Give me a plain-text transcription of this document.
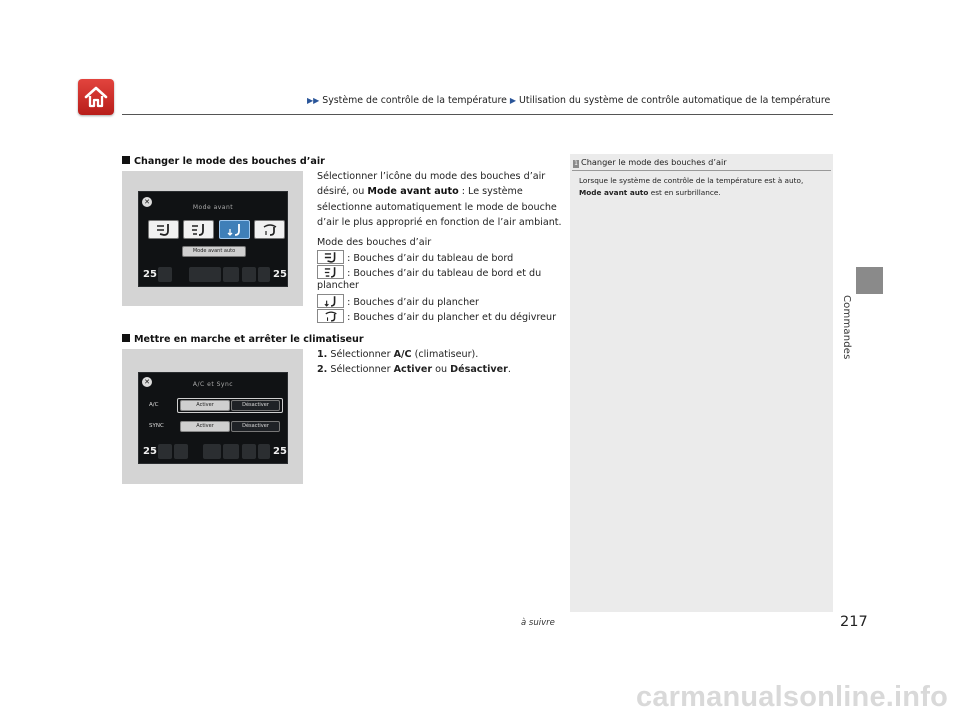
▶▶ Système de contrôle de la température ▶ Utilisation du système de contrôle automatique de la température
Commandes
Changer le mode des bouches d’air
✕
Mode avant
Mode avant auto
25	25
Sélectionner l’icône du mode des bouches d’air
désiré, ou Mode avant auto : Le système
sélectionne automatiquement le mode de bouche
d’air le plus approprié en fonction de l’air ambiant.
Mode des bouches d’air
: Bouches d’air du tableau de bord
: Bouches d’air du tableau de bord et du
plancher
: Bouches d’air du plancher
: Bouches d’air du plancher et du dégivreur
Mettre en marche et arrêter le climatiseur
✕	A/C et Sync
A/C	Activer	Désactiver
SYNC	Activer	Désactiver
25	25
1. Sélectionner A/C (climatiseur).
2. Sélectionner Activer ou Désactiver.
1 Changer le mode des bouches d’air
Lorsque le système de contrôle de la température est à auto,
Mode avant auto est en surbrillance.
à suivre	217
carmanualsonline.info
